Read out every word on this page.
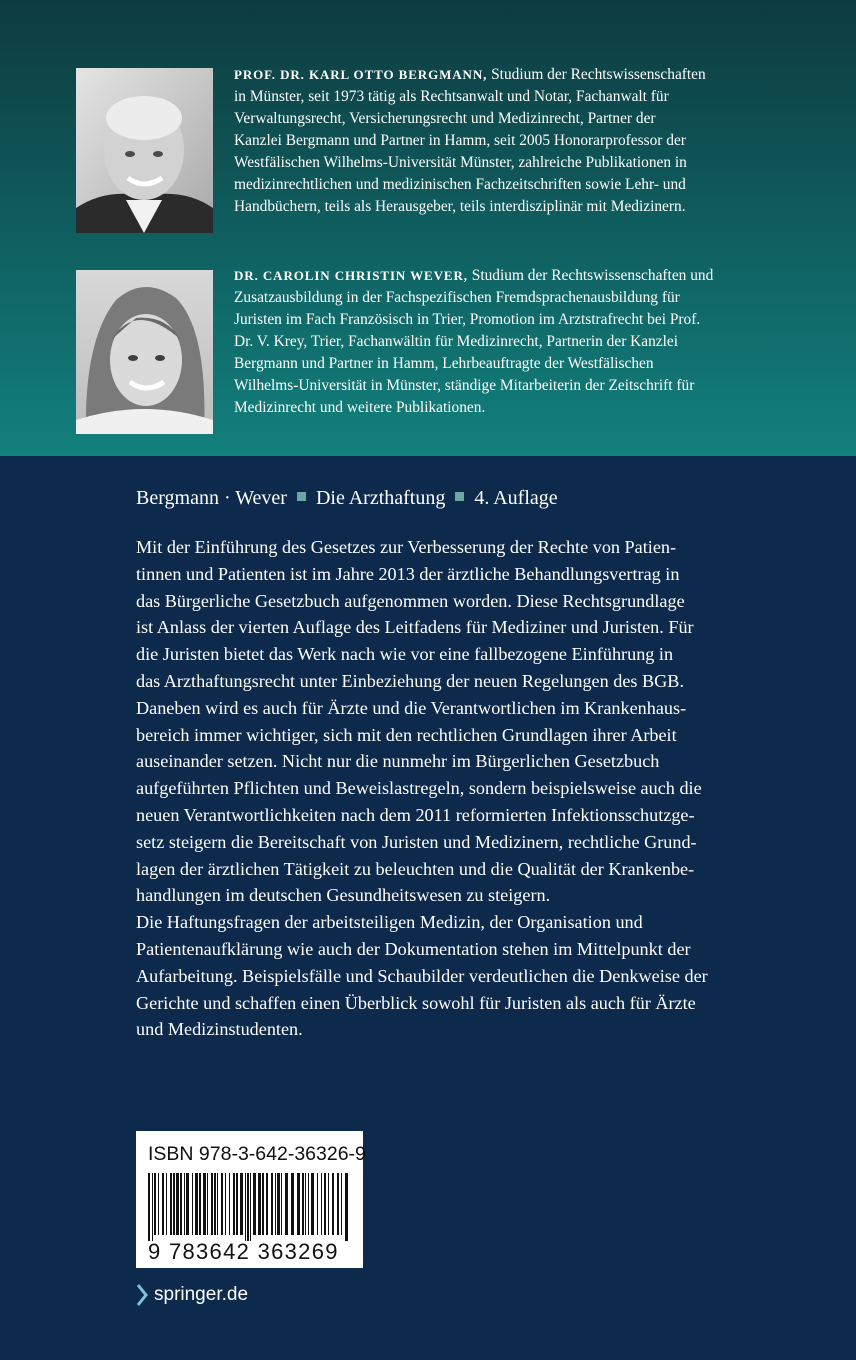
PROF. DR. KARL OTTO BERGMANN, Studium der Rechtswissenschaften
in Münster, seit 1973 tätig als Rechtsanwalt und Notar, Fachanwalt für
Verwaltungsrecht, Versicherungsrecht und Medizinrecht, Partner der
Kanzlei Bergmann und Partner in Hamm, seit 2005 Honorarprofessor der
Westfälischen Wilhelms-Universität Münster, zahlreiche Publikationen in
medizinrechtlichen und medizinischen Fachzeitschriften sowie Lehr- und
Handbüchern, teils als Herausgeber, teils interdisziplinär mit Medizinern.

DR. CAROLIN CHRISTIN WEVER, Studium der Rechtswissenschaften und
Zusatzausbildung in der Fachspezifischen Fremdsprachenausbildung für
Juristen im Fach Französisch in Trier, Promotion im Arztstrafrecht bei Prof.
Dr. V. Krey, Trier, Fachanwältin für Medizinrecht, Partnerin der Kanzlei
Bergmann und Partner in Hamm, Lehrbeauftragte der Westfälischen
Wilhelms-Universität in Münster, ständige Mitarbeiterin der Zeitschrift für
Medizinrecht und weitere Publikationen.

Bergmann · Wever Die Arzthaftung 4. Auflage

Mit der Einführung des Gesetzes zur Verbesserung der Rechte von Patien-
tinnen und Patienten ist im Jahre 2013 der ärztliche Behandlungsvertrag in
das Bürgerliche Gesetzbuch aufgenommen worden. Diese Rechtsgrundlage
ist Anlass der vierten Auflage des Leitfadens für Mediziner und Juristen. Für
die Juristen bietet das Werk nach wie vor eine fallbezogene Einführung in
das Arzthaftungsrecht unter Einbeziehung der neuen Regelungen des BGB.
Daneben wird es auch für Ärzte und die Verantwortlichen im Krankenhaus-
bereich immer wichtiger, sich mit den rechtlichen Grundlagen ihrer Arbeit
auseinander setzen. Nicht nur die nunmehr im Bürgerlichen Gesetzbuch
aufgeführten Pflichten und Beweislastregeln, sondern beispielsweise auch die
neuen Verantwortlichkeiten nach dem 2011 reformierten Infektionsschutzge-
setz steigern die Bereitschaft von Juristen und Medizinern, rechtliche Grund-
lagen der ärztlichen Tätigkeit zu beleuchten und die Qualität der Krankenbe-
handlungen im deutschen Gesundheitswesen zu steigern.
Die Haftungsfragen der arbeitsteiligen Medizin, der Organisation und
Patientenaufklärung wie auch der Dokumentation stehen im Mittelpunkt der
Aufarbeitung. Beispielsfälle und Schaubilder verdeutlichen die Denkweise der
Gerichte und schaffen einen Überblick sowohl für Juristen als auch für Ärzte
und Medizinstudenten.

ISBN 978-3-642-36326-9

9 783642 363269

springer.de
